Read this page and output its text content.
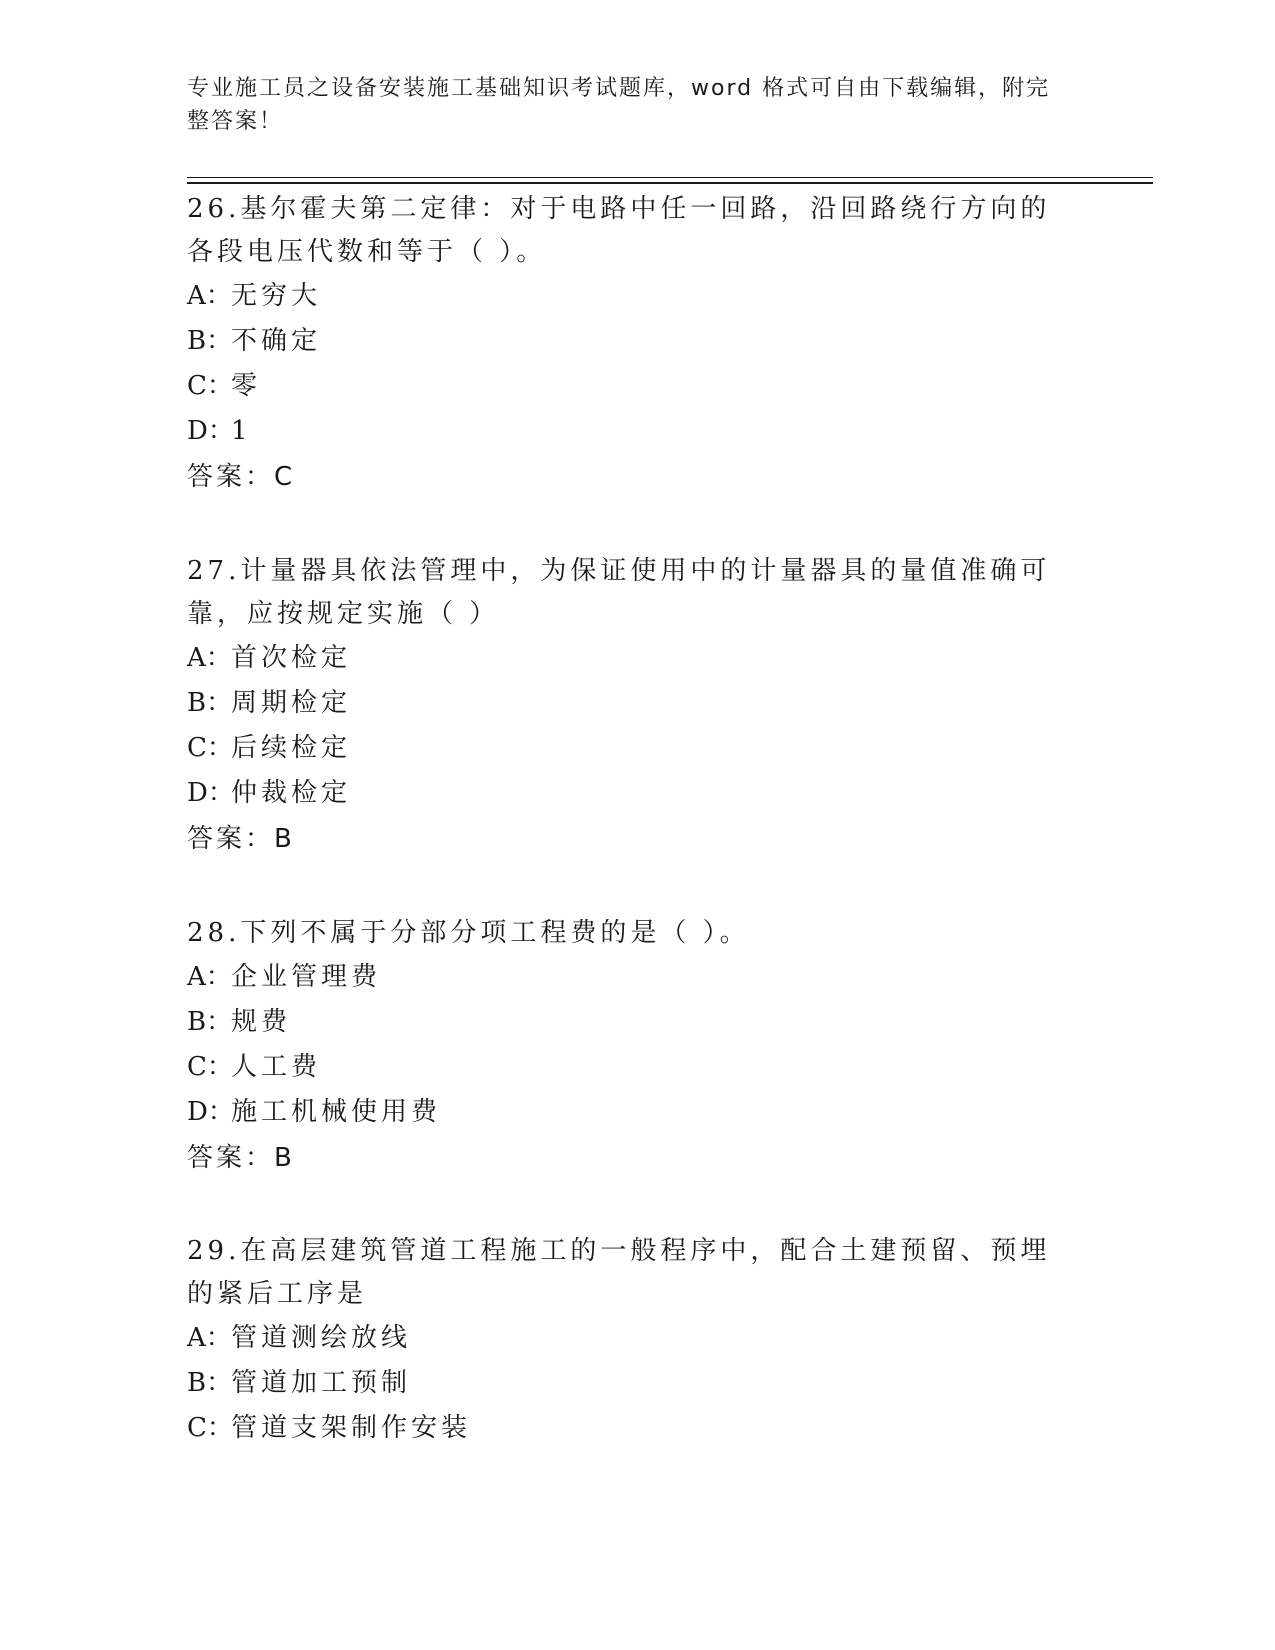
专业施工员之设备安装施工基础知识考试题库，word 格式可自由下载编辑，附完整答案！

26.基尔霍夫第二定律：对于电路中任一回路，沿回路绕行方向的各段电压代数和等于（ ）。

A：无穷大
B：不确定
C：零
D：1
答案：C

27.计量器具依法管理中，为保证使用中的计量器具的量值准确可靠，应按规定实施（ ）

A：首次检定
B：周期检定
C：后续检定
D：仲裁检定
答案：B

28.下列不属于分部分项工程费的是（ ）。

A：企业管理费
B：规费
C：人工费
D：施工机械使用费
答案：B

29.在高层建筑管道工程施工的一般程序中，配合土建预留、预埋的紧后工序是

A：管道测绘放线
B：管道加工预制
C：管道支架制作安装
